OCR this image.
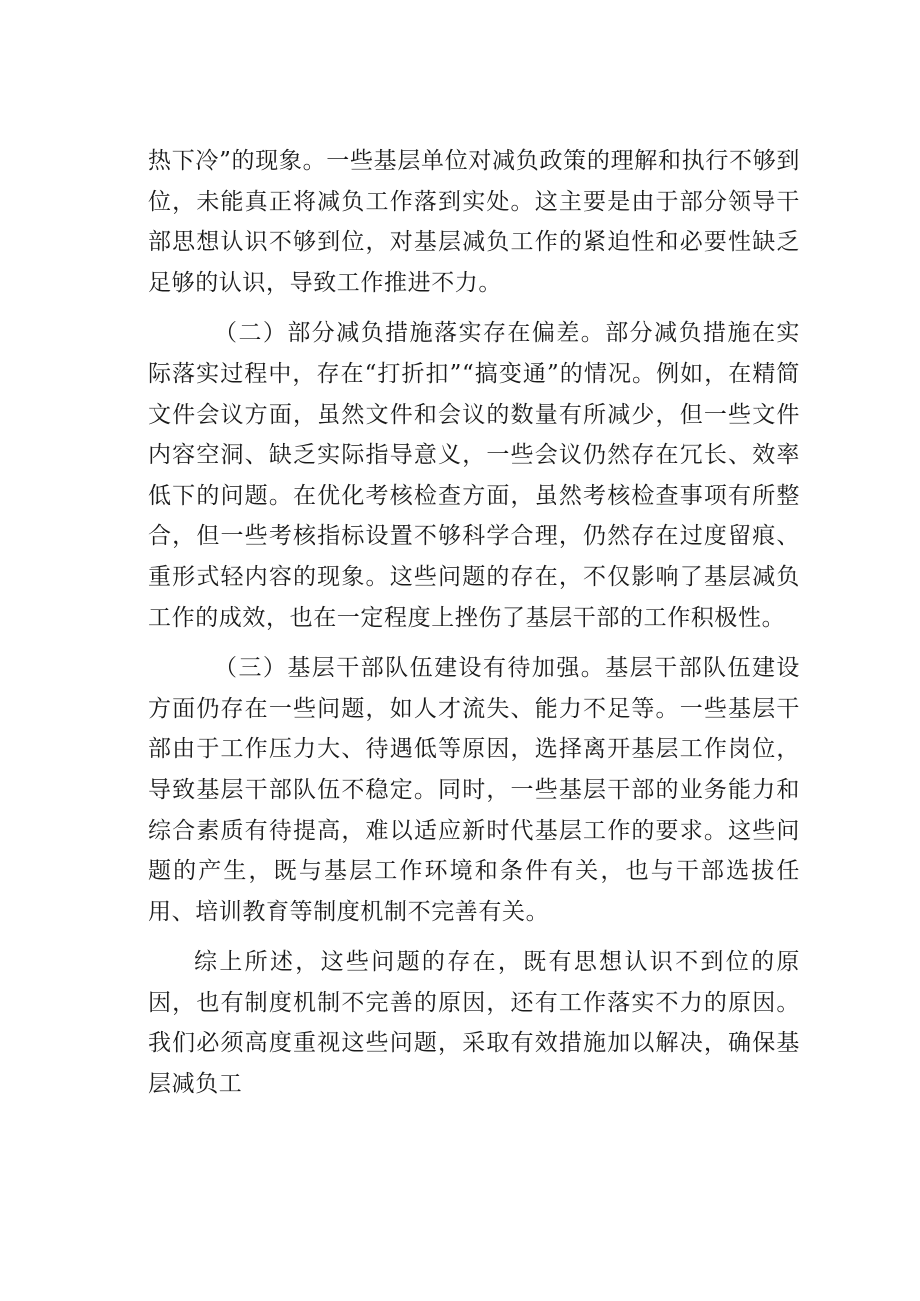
热下冷”的现象。一些基层单位对减负政策的理解和执行不够到位，未能真正将减负工作落到实处。这主要是由于部分领导干部思想认识不够到位，对基层减负工作的紧迫性和必要性缺乏足够的认识，导致工作推进不力。

（二）部分减负措施落实存在偏差。部分减负措施在实际落实过程中，存在“打折扣”“搞变通”的情况。例如，在精简文件会议方面，虽然文件和会议的数量有所减少，但一些文件内容空洞、缺乏实际指导意义，一些会议仍然存在冗长、效率低下的问题。在优化考核检查方面，虽然考核检查事项有所整合，但一些考核指标设置不够科学合理，仍然存在过度留痕、重形式轻内容的现象。这些问题的存在，不仅影响了基层减负工作的成效，也在一定程度上挫伤了基层干部的工作积极性。

（三）基层干部队伍建设有待加强。基层干部队伍建设方面仍存在一些问题，如人才流失、能力不足等。一些基层干部由于工作压力大、待遇低等原因，选择离开基层工作岗位，导致基层干部队伍不稳定。同时，一些基层干部的业务能力和综合素质有待提高，难以适应新时代基层工作的要求。这些问题的产生，既与基层工作环境和条件有关，也与干部选拔任用、培训教育等制度机制不完善有关。

综上所述，这些问题的存在，既有思想认识不到位的原因，也有制度机制不完善的原因，还有工作落实不力的原因。我们必须高度重视这些问题，采取有效措施加以解决，确保基层减负工
